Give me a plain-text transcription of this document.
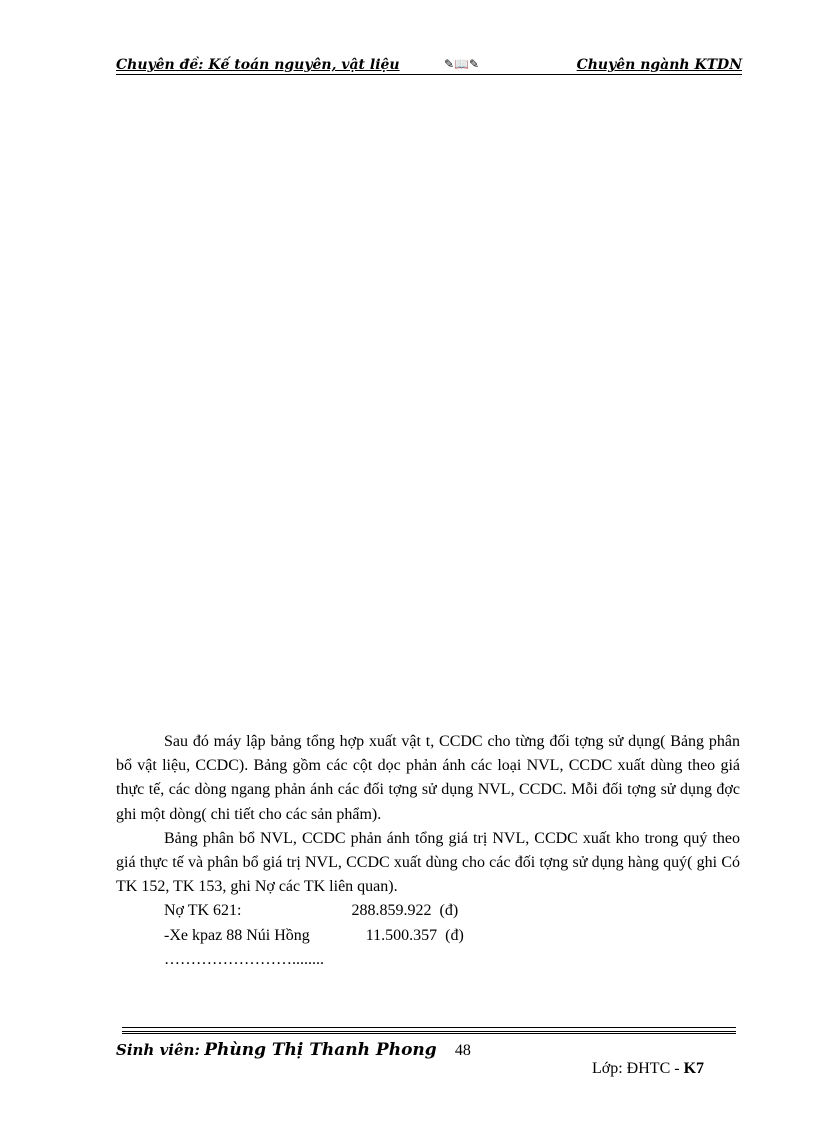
Chuyên đề: Kế toán nguyên, vật liệu	✎📖✎	Chuyên ngành KTDN

Sau đó máy lập bảng tổng hợp xuất vật t, CCDC cho từng đối tợng sử dụng( Bảng phân bổ vật liệu, CCDC). Bảng gồm các cột dọc phản ánh các loại NVL, CCDC xuất dùng theo giá thực tế, các dòng ngang phản ánh các đối tợng sử dụng NVL, CCDC. Mỗi đối tợng sử dụng đợc ghi một dòng( chi tiết cho các sản phẩm).

Bảng phân bổ NVL, CCDC phản ánh tổng giá trị NVL, CCDC xuất kho trong quý theo giá thực tế và phân bổ giá trị NVL, CCDC xuất dùng cho các đối tợng sử dụng hàng quý( ghi Có TK 152, TK 153, ghi Nợ các TK liên quan).

Nợ TK 621:	288.859.922  (đ)
-Xe kpaz 88 Núi Hồng	11.500.357  (đ)
……………………........
Sinh viên: Phùng Thị Thanh Phong 48
Lớp: ĐHTC - K7
